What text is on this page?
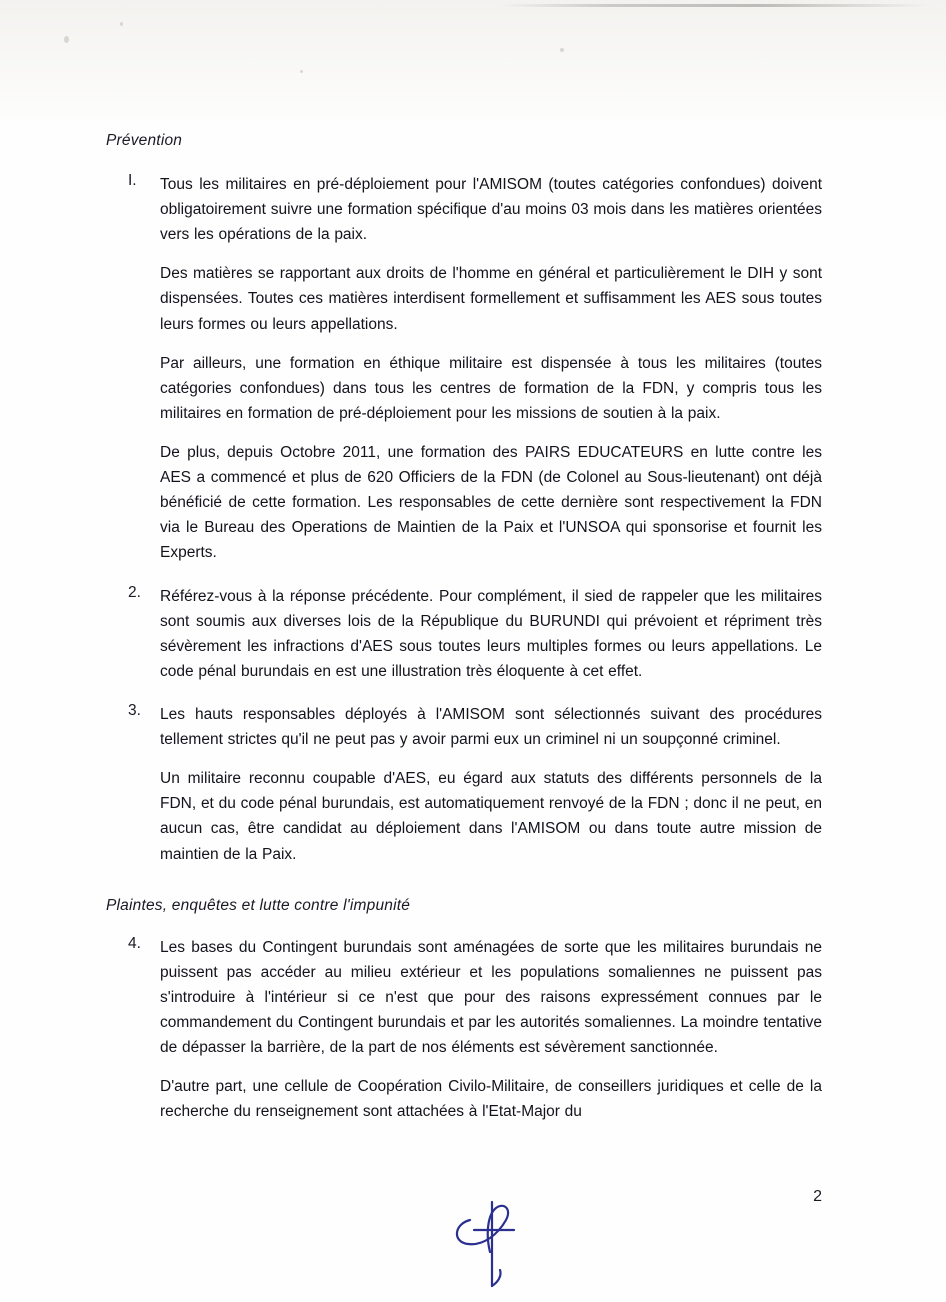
Prévention
I. Tous les militaires en pré-déploiement pour l'AMISOM (toutes catégories confondues) doivent obligatoirement suivre une formation spécifique d'au moins 03 mois dans les matières orientées vers les opérations de la paix.

Des matières se rapportant aux droits de l'homme en général et particulièrement le DIH y sont dispensées. Toutes ces matières interdisent formellement et suffisamment les AES sous toutes leurs formes ou leurs appellations.

Par ailleurs, une formation en éthique militaire est dispensée à tous les militaires (toutes catégories confondues) dans tous les centres de formation de la FDN, y compris tous les militaires en formation de pré-déploiement pour les missions de soutien à la paix.

De plus, depuis Octobre 2011, une formation des PAIRS EDUCATEURS en lutte contre les AES a commencé et plus de 620 Officiers de la FDN (de Colonel au Sous-lieutenant) ont déjà bénéficié de cette formation. Les responsables de cette dernière sont respectivement la FDN via le Bureau des Operations de Maintien de la Paix et l'UNSOA qui sponsorise et fournit les Experts.

2. Référez-vous à la réponse précédente. Pour complément, il sied de rappeler que les militaires sont soumis aux diverses lois de la République du BURUNDI qui prévoient et répriment très sévèrement les infractions d'AES sous toutes leurs multiples formes ou leurs appellations. Le code pénal burundais en est une illustration très éloquente à cet effet.

3. Les hauts responsables déployés à l'AMISOM sont sélectionnés suivant des procédures tellement strictes qu'il ne peut pas y avoir parmi eux un criminel ni un soupçonné criminel.

Un militaire reconnu coupable d'AES, eu égard aux statuts des différents personnels de la FDN, et du code pénal burundais, est automatiquement renvoyé de la FDN ; donc il ne peut, en aucun cas, être candidat au déploiement dans l'AMISOM ou dans toute autre mission de maintien de la Paix.

Plaintes, enquêtes et lutte contre l'impunité
4. Les bases du Contingent burundais sont aménagées de sorte que les militaires burundais ne puissent pas accéder au milieu extérieur et les populations somaliennes ne puissent pas s'introduire à l'intérieur si ce n'est que pour des raisons expressément connues par le commandement du Contingent burundais et par les autorités somaliennes. La moindre tentative de dépasser la barrière, de la part de nos éléments est sévèrement sanctionnée.

D'autre part, une cellule de Coopération Civilo-Militaire, de conseillers juridiques et celle de la recherche du renseignement sont attachées à l'Etat-Major du

2
